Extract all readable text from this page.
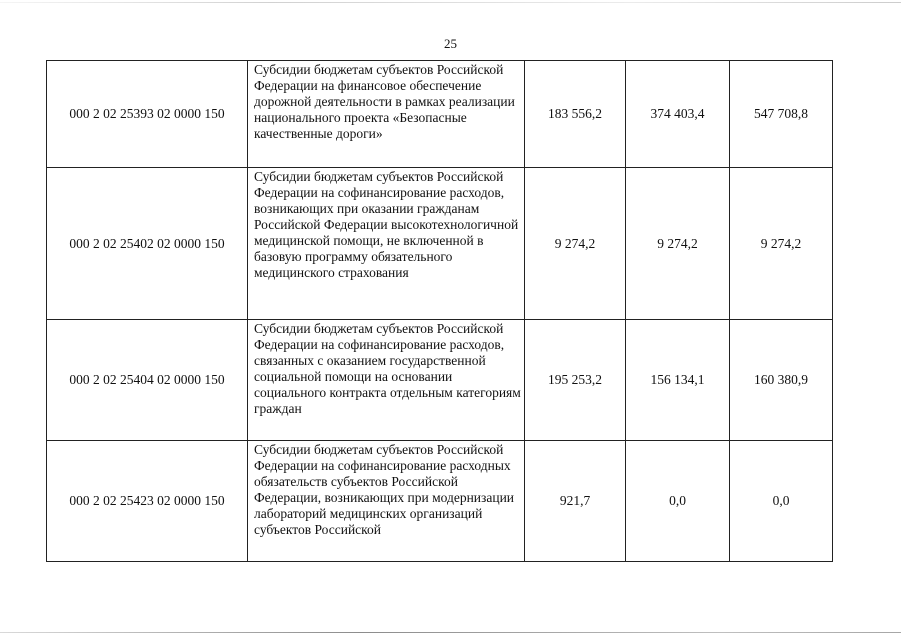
25
000 2 02 25393 02 0000 150	Субсидии бюджетам субъектов Российской Федерации на финансовое обеспечение дорожной деятельности в рамках реализации национального проекта «Безопасные качественные дороги»	183 556,2	374 403,4	547 708,8
000 2 02 25402 02 0000 150	Субсидии бюджетам субъектов Российской Федерации на софинансирование расходов, возникающих при оказании гражданам Российской Федерации высокотехнологичной медицинской помощи, не включенной в базовую программу обязательного медицинского страхования	9 274,2	9 274,2	9 274,2
000 2 02 25404 02 0000 150	Субсидии бюджетам субъектов Российской Федерации на софинансирование расходов, связанных с оказанием государственной социальной помощи на основании социального контракта отдельным категориям граждан	195 253,2	156 134,1	160 380,9
000 2 02 25423 02 0000 150	Субсидии бюджетам субъектов Российской Федерации на софинансирование расходных обязательств субъектов Российской Федерации, возникающих при модернизации лабораторий медицинских организаций субъектов Российской	921,7	0,0	0,0
